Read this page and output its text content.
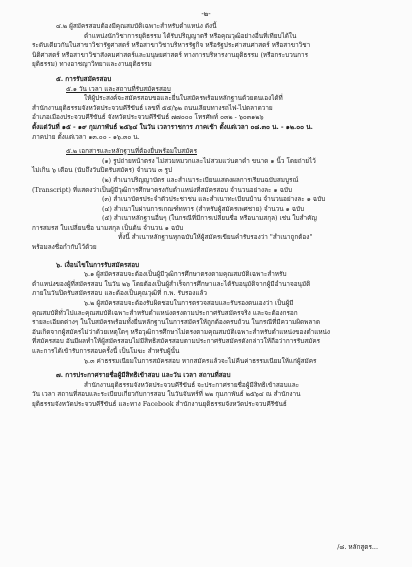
-๒-

๔.๒ ผู้สมัครสอบต้องมีคุณสมบัติเฉพาะสำหรับตำแหน่ง ดังนี้

ตำแหน่งนักวิชาการยุติธรรม ได้รับปริญญาตรี หรือคุณวุฒิอย่างอื่นที่เทียบได้ใน

ระดับเดียวกันในสาขาวิชารัฐศาสตร์ หรือสาขาวิชาบริหารรัฐกิจ หรือรัฐประศาสนศาสตร์ หรือสาขาวิชา

นิติศาสตร์ หรือสาขาวิชาสังคมศาสตร์และมนุษยศาสตร์ ทางการบริหารงานยุติธรรม (หรือกระบวนการ

ยุติธรรม) ทางอาชญาวิทยาและงานยุติธรรม

๕. การรับสมัครสอบ

๕.๑ วัน เวลา และสถานที่รับสมัครสอบ

ให้ผู้ประสงค์จะสมัครสอบขอและยื่นใบสมัครพร้อมหลักฐานด้วยตนเองได้ที่

สำนักงานยุติธรรมจังหวัดประจวบคีรีขันธ์ เลขที่ ๕๕/๖๒ ถนนเลียบทางรถไฟ-ไปตลาดวาย

อำเภอเมืองประจวบคีรีขันธ์ จังหวัดประจวบคีรีขันธ์ ๗๗๐๐๐ โทรศัพท์ ๐๓๒ - ๖๐๓๑๒๖

ตั้งแต่วันที่ ๑๕ - ๑๙ กุมภาพันธ์ ๒๕๖๔ ในวัน เวลาราชการ ภาคเช้า ตั้งแต่เวลา ๐๘.๓๐ น. - ๑๒.๐๐ น.

ภาคบ่าย ตั้งแต่เวลา ๑๓.๐๐ - ๑๖.๓๐ น.

๕.๒ เอกสารและหลักฐานที่ต้องยื่นพร้อมใบสมัคร

(๑) รูปถ่ายหน้าตรง ไม่สวมหมวกและไม่สวมแว่นตาดำ ขนาด ๑ นิ้ว โดยถ่ายไว้

ไม่เกิน ๖ เดือน (นับถึงวันปิดรับสมัคร) จำนวน ๓ รูป

(๒) สำเนาปริญญาบัตร และสำเนาระเบียนแสดงผลการเรียนฉบับสมบูรณ์

(Transcript) ที่แสดงว่าเป็นผู้มีวุฒิการศึกษาตรงกับตำแหน่งที่สมัครสอบ จำนวนอย่างละ ๑ ฉบับ

(๓) สำเนาบัตรประจำตัวประชาชน และสำเนาทะเบียนบ้าน จำนวนอย่างละ ๑ ฉบับ

(๔) สำเนาใบผ่านการเกณฑ์ทหาร (สำหรับผู้สมัครเพศชาย) จำนวน ๑ ฉบับ

(๕) สำเนาหลักฐานอื่นๆ (ในกรณีที่มีการเปลี่ยนชื่อ หรือนามสกุล) เช่น ใบสำคัญ

การสมรส ใบเปลี่ยนชื่อ นามสกุล เป็นต้น จำนวน ๑ ฉบับ

ทั้งนี้ สำเนาหลักฐานทุกฉบับให้ผู้สมัครเขียนคำรับรองว่า "สำเนาถูกต้อง"

พร้อมลงชื่อกำกับไว้ด้วย

๖. เงื่อนไขในการรับสมัครสอบ

๖.๑ ผู้สมัครสอบจะต้องเป็นผู้มีวุฒิการศึกษาตรงตามคุณสมบัติเฉพาะสำหรับ

ตำแหน่งของผู้ที่สมัครสอบ ในวัน ๒๖ โดยต้องเป็นผู้สำเร็จการศึกษาและได้รับอนุมัติจากผู้มีอำนาจอนุมัติ

ภายในวันปิดรับสมัครสอบ และต้องเป็นคุณวุฒิที่ ก.พ. รับรองแล้ว

๖.๒ ผู้สมัครสอบจะต้องรับผิดชอบในการตรวจสอบและรับรองตนเองว่า เป็นผู้มี

คุณสมบัติทั่วไปและคุณสมบัติเฉพาะสำหรับตำแหน่งตรงตามประกาศรับสมัครจริง และจะต้องกรอก

รายละเอียดต่างๆ ในใบสมัครพร้อมทั้งยื่นหลักฐานในการสมัครให้ถูกต้องครบถ้วน ในกรณีที่มีความผิดพลาด

อันเกิดจากผู้สมัครไม่ว่าด้วยเหตุใดๆ หรือวุฒิการศึกษาไม่ตรงตามคุณสมบัติเฉพาะสำหรับตำแหน่งของตำแหน่ง

ที่สมัครสอบ อันมีผลทำให้ผู้สมัครสอบไม่มีสิทธิสมัครสอบตามประกาศรับสมัครดังกล่าวให้ถือว่าการรับสมัคร

และการได้เข้ารับการสอบครั้งนี้ เป็นโมฆะ สำหรับผู้นั้น

๖.๓ ค่าธรรมเนียมในการสมัครสอบ หากสมัครแล้วจะไม่คืนค่าธรรมเนียมให้แก่ผู้สมัคร

๗. การประกาศรายชื่อผู้มีสิทธิเข้าสอบ และวัน เวลา สถานที่สอบ

สำนักงานยุติธรรมจังหวัดประจวบคีรีขันธ์ จะประกาศรายชื่อผู้มีสิทธิเข้าสอบและ

วัน เวลา สถานที่สอบและระเบียบเกี่ยวกับการสอบ ในวันจันทร์ที่ ๒๒ กุมภาพันธ์ ๒๕๖๔ ณ สำนักงาน

ยุติธรรมจังหวัดประจวบคีรีขันธ์ และทาง Facebook สำนักงานยุติธรรมจังหวัดประจวบคีรีขันธ์

/๘. หลักสูตร...
